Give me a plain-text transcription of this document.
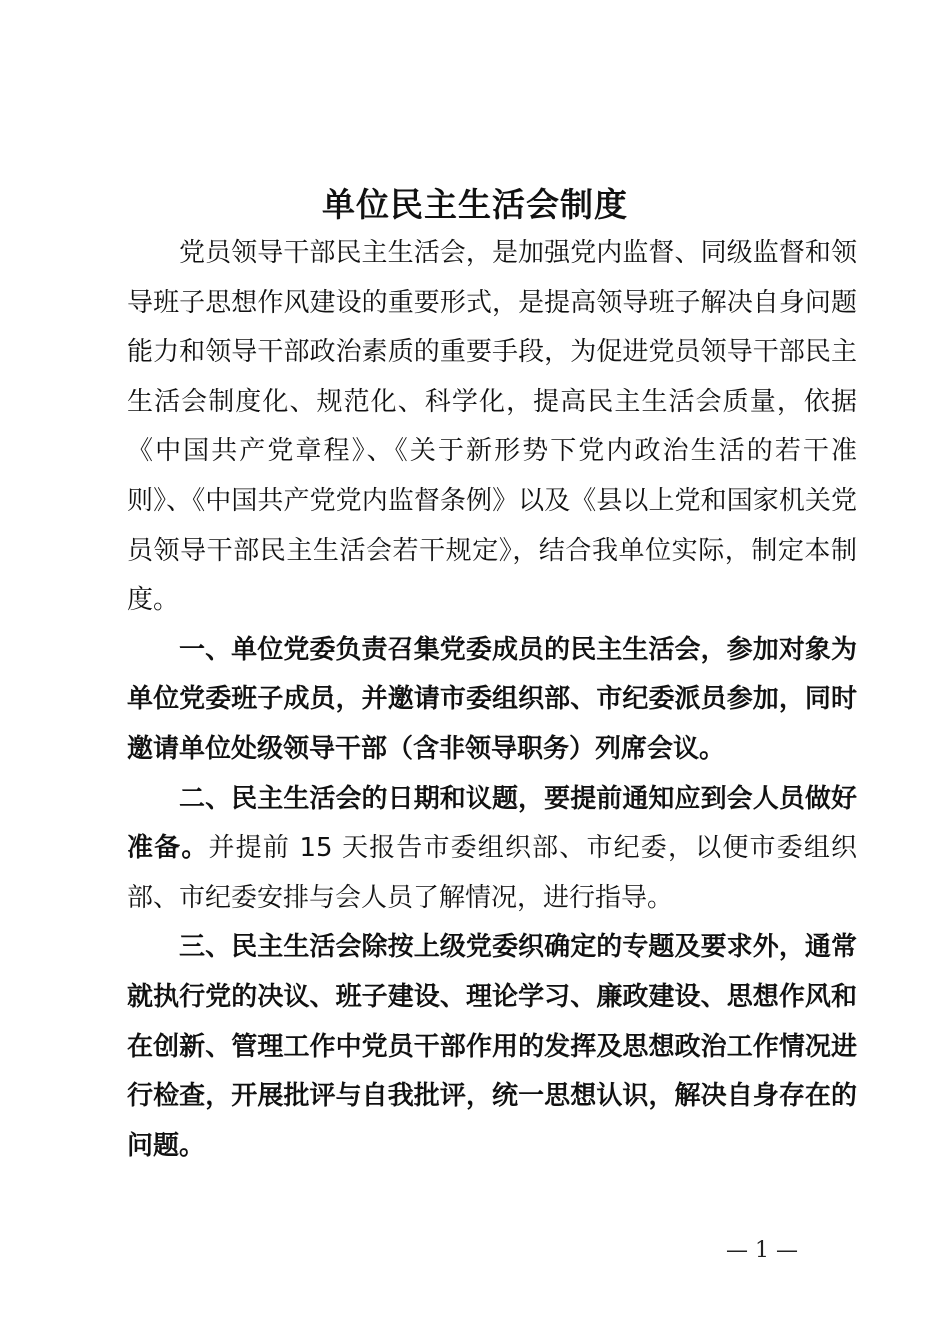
单位民主生活会制度

党员领导干部民主生活会，是加强党内监督、同级监督和领导班子思想作风建设的重要形式，是提高领导班子解决自身问题能力和领导干部政治素质的重要手段，为促进党员领导干部民主生活会制度化、规范化、科学化，提高民主生活会质量，依据《中国共产党章程》、《关于新形势下党内政治生活的若干准则》、《中国共产党党内监督条例》以及《县以上党和国家机关党员领导干部民主生活会若干规定》，结合我单位实际，制定本制度。

一、单位党委负责召集党委成员的民主生活会，参加对象为单位党委班子成员，并邀请市委组织部、市纪委派员参加，同时邀请单位处级领导干部（含非领导职务）列席会议。

二、民主生活会的日期和议题，要提前通知应到会人员做好准备。并提前 15 天报告市委组织部、市纪委，以便市委组织部、市纪委安排与会人员了解情况，进行指导。

三、民主生活会除按上级党委织确定的专题及要求外，通常就执行党的决议、班子建设、理论学习、廉政建设、思想作风和在创新、管理工作中党员干部作用的发挥及思想政治工作情况进行检查，开展批评与自我批评，统一思想认识，解决自身存在的问题。

— 1 —
